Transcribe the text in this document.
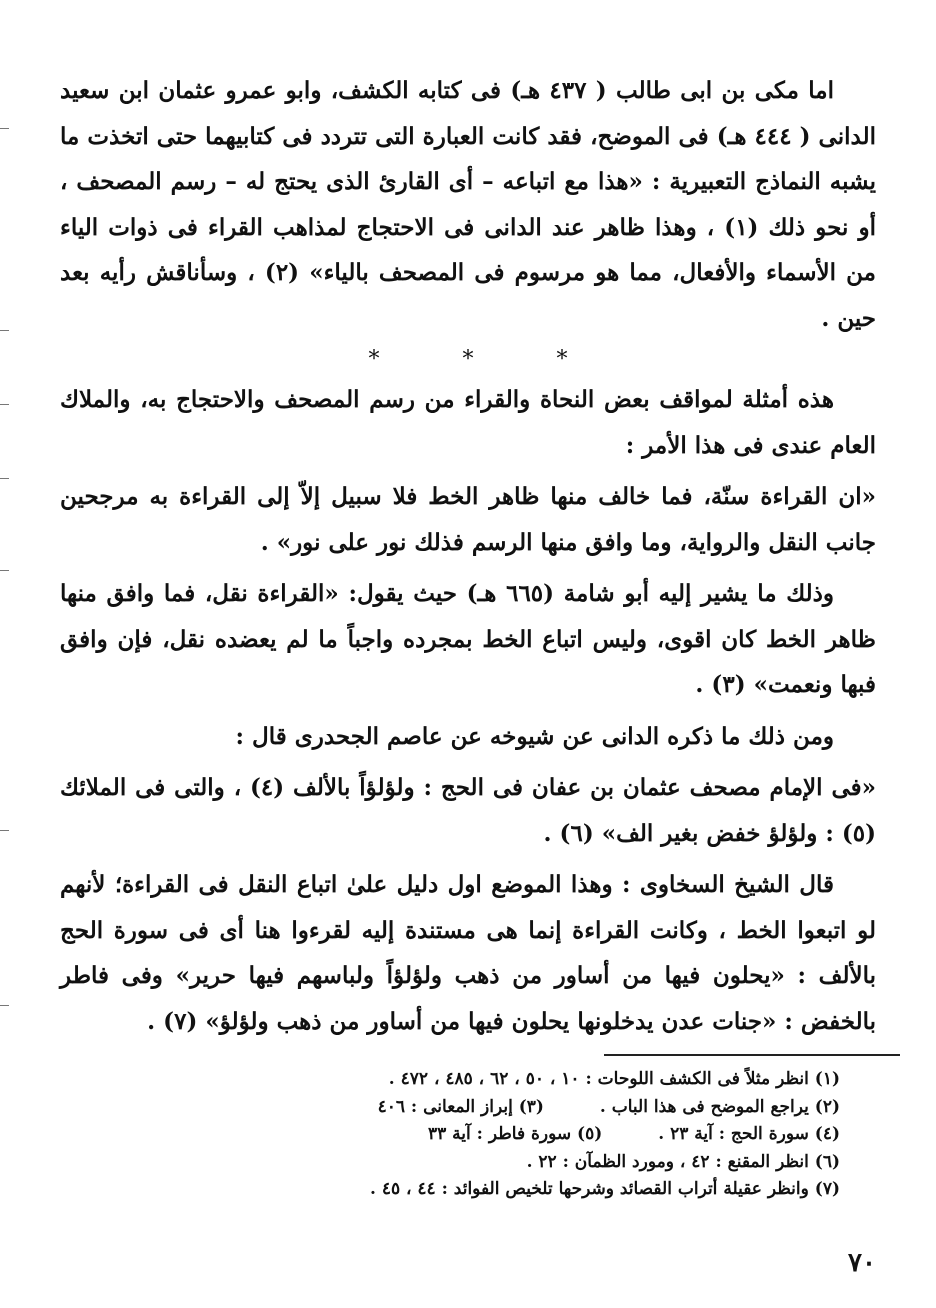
اما مكى بن ابى طالب ( ٤٣٧ هـ) فى كتابه الكشف، وابو عمرو عثمان ابن سعيد الدانى ( ٤٤٤ هـ) فى الموضح، فقد كانت العبارة التى تتردد فى كتابيهما حتى اتخذت ما يشبه النماذج التعبيرية : «هذا مع اتباعه – أى القارئ الذى يحتج له – رسم المصحف ، أو نحو ذلك (١) ، وهذا ظاهر عند الدانى فى الاحتجاج لمذاهب القراء فى ذوات الياء من الأسماء والأفعال، مما هو مرسوم فى المصحف بالياء» (٢) ، وسأناقش رأيه بعد حين .

* * *

هذه أمثلة لمواقف بعض النحاة والقراء من رسم المصحف والاحتجاج به، والملاك العام عندى فى هذا الأمر :

«ان القراءة سنّة، فما خالف منها ظاهر الخط فلا سبيل إلاّ إلى القراءة به مرجحين جانب النقل والرواية، وما وافق منها الرسم فذلك نور على نور» .

وذلك ما يشير إليه أبو شامة (٦٦٥ هـ) حيث يقول: «القراءة نقل، فما وافق منها ظاهر الخط كان اقوى، وليس اتباع الخط بمجرده واجباً ما لم يعضده نقل، فإن وافق فبها ونعمت» (٣) .

ومن ذلك ما ذكره الدانى عن شيوخه عن عاصم الجحدرى قال :

«فى الإمام مصحف عثمان بن عفان فى الحج : ولؤلؤاً بالألف (٤) ، والتى فى الملائك (٥) : ولؤلؤ خفض بغير الف» (٦) .

قال الشيخ السخاوى : وهذا الموضع اول دليل علىٰ اتباع النقل فى القراءة؛ لأنهم لو اتبعوا الخط ، وكانت القراءة إنما هى مستندة إليه لقرءوا هنا أى فى سورة الحج بالألف : «يحلون فيها من أساور من ذهب ولؤلؤاً ولباسهم فيها حرير» وفى فاطر بالخفض : «جنات عدن يدخلونها يحلون فيها من أساور من ذهب ولؤلؤ» (٧) .

(١) انظر مثلاً فى الكشف اللوحات : ١٠ ، ٥٠ ، ٦٢ ، ٤٨٥ ، ٤٧٢ .
(٢) يراجع الموضح فى هذا الباب . (٣) إبراز المعانى : ٤٠٦
(٤) سورة الحج : آية ٢٣ . (٥) سورة فاطر : آية ٣٣
(٦) انظر المقنع : ٤٢ ، ومورد الظمآن : ٢٢ .
(٧) وانظر عقيلة أتراب القصائد وشرحها تلخيص الفوائد : ٤٤ ، ٤٥ .
٧٠
